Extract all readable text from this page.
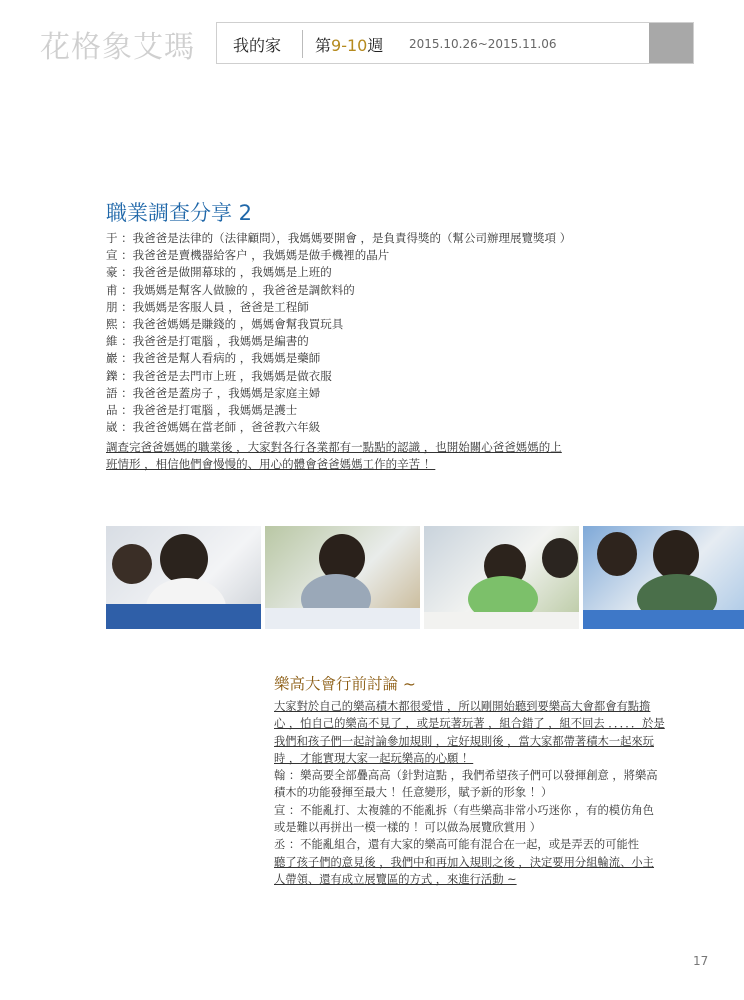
花格象艾瑪 我的家 第9-10週 2015.10.26~2015.11.06
職業調查分享 2
于 ：我爸爸是法律的（法律顧問），我媽媽要開會 ，是負責得獎的（幫公司辦理展覽獎項 ）
宣 ：我爸爸是賣機器給客户 ，我媽媽是做手機裡的晶片
豪 ：我爸爸是做開幕球的 ，我媽媽是上班的
甫 ：我媽媽是幫客人做臉的 ，我爸爸是調飲料的
朋 ：我媽媽是客服人員 ，爸爸是工程師
熙 ：我爸爸媽媽是賺錢的 ，媽媽會幫我買玩具
維 ：我爸爸是打電腦 ，我媽媽是編書的
巖 ：我爸爸是幫人看病的 ，我媽媽是藥師
鑠 ：我爸爸是去門市上班 ，我媽媽是做衣服
語 ：我爸爸是蓋房子 ，我媽媽是家庭主婦
品 ：我爸爸是打電腦 ，我媽媽是護士
崴 ：我爸爸媽媽在當老師 ，爸爸教六年級
調查完爸爸媽媽的職業後 ，大家對各行各業都有一點點的認識 ，也開始關心爸爸媽媽的上
班情形 ，相信他們會慢慢的、用心的體會爸爸媽媽工作的辛苦 ！
樂高大會行前討論 ~
大家對於自己的樂高積木都很愛惜 ，所以剛開始聽到要樂高大會都會有點擔
心 ，怕自己的樂高不見了 ，或是玩著玩著 ，組合錯了 ，組不回去 ．．．．．於是
我們和孩子們一起討論參加規則 ，定好規則後 ，當大家都帶著積木一起來玩
時 ，才能實現大家一起玩樂高的心願 ！
翰 ：樂高要全部疊高高（針對這點 ，我們希望孩子們可以發揮創意 ，將樂高
積木的功能發揮至最大 ！任意變形，賦予新的形象 ！）
宣 ：不能亂打、太複雜的不能亂拆（有些樂高非常小巧迷你 ，有的模仿角色
或是難以再拼出一模一樣的 ！可以做為展覽欣賞用 ）
丞 ：不能亂組合，還有大家的樂高可能有混合在一起，或是弄丟的可能性
聽了孩子們的意見後 ，我們中和再加入規則之後 ，決定要用分組輪流、小主
人帶領、還有成立展覽區的方式 ，來進行活動 ~
17
